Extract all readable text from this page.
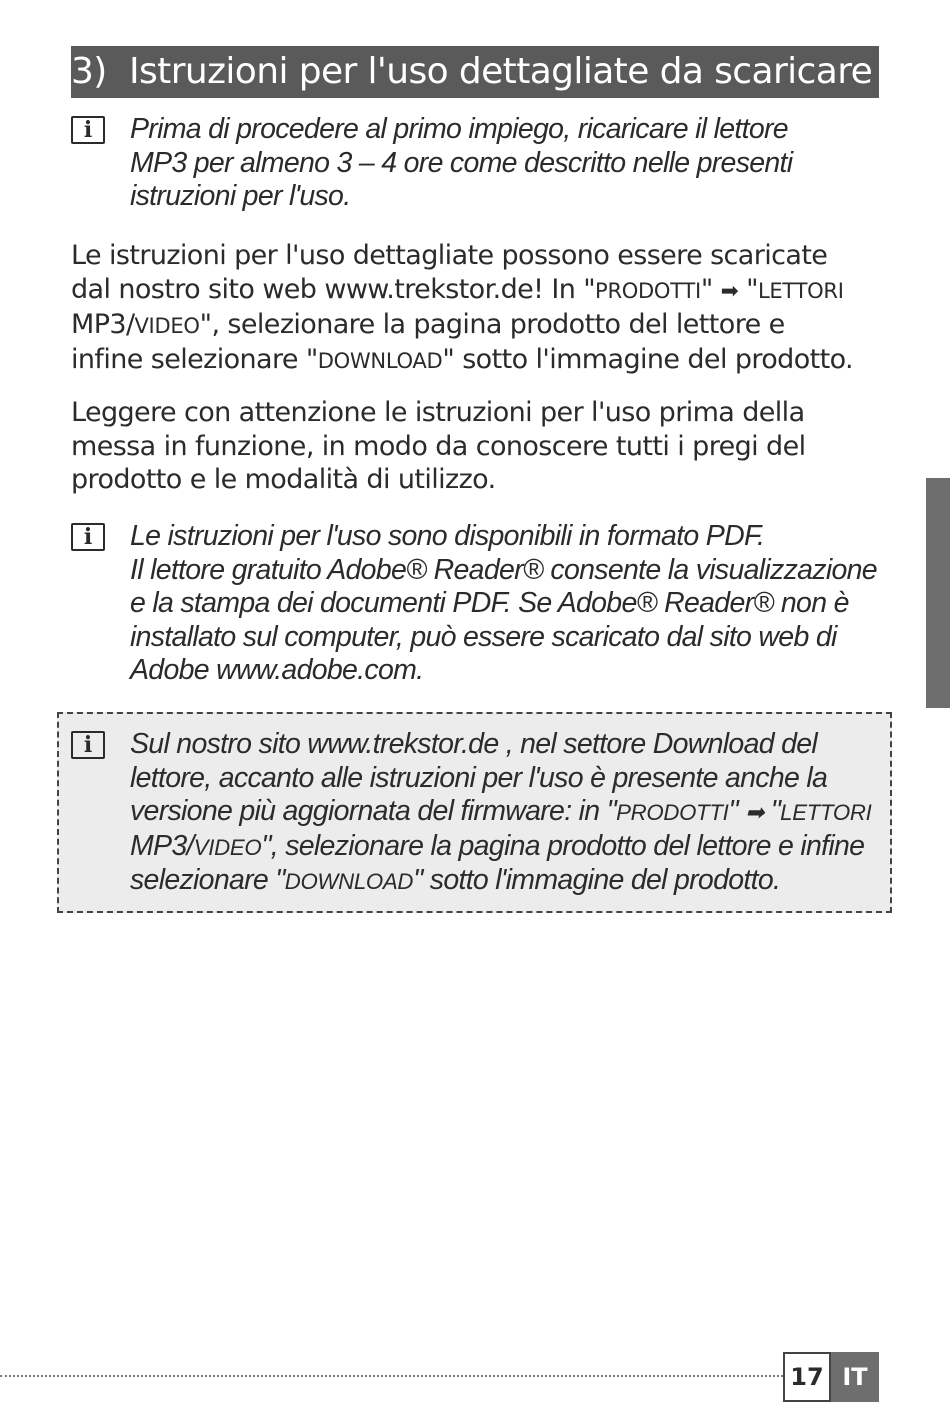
3) Istruzioni per l'uso dettagliate da scaricare
i	Prima di procedere al primo impiego, ricaricare il lettore
MP3 per almeno 3 – 4 ore come descritto nelle presenti
istruzioni per l'uso.
Le istruzioni per l'uso dettagliate possono essere scaricate
dal nostro sito web www.trekstor.de! In "PRODOTTI" ➡ "LETTORI
MP3/VIDEO", selezionare la pagina prodotto del lettore e
infine selezionare "DOWNLOAD" sotto l'immagine del prodotto.
Leggere con attenzione le istruzioni per l'uso prima della
messa in funzione, in modo da conoscere tutti i pregi del
prodotto e le modalità di utilizzo.
i	Le istruzioni per l'uso sono disponibili in formato PDF.
Il lettore gratuito Adobe® Reader® consente la visualizzazione
e la stampa dei documenti PDF. Se Adobe® Reader® non è
installato sul computer, può essere scaricato dal sito web di
Adobe www.adobe.com.
i	Sul nostro sito www.trekstor.de , nel settore Download del
lettore, accanto alle istruzioni per l'uso è presente anche la
versione più aggiornata del firmware: in "PRODOTTI" ➡ "LETTORI
MP3/VIDEO", selezionare la pagina prodotto del lettore e infine
selezionare "DOWNLOAD" sotto l'immagine del prodotto.
17 IT
